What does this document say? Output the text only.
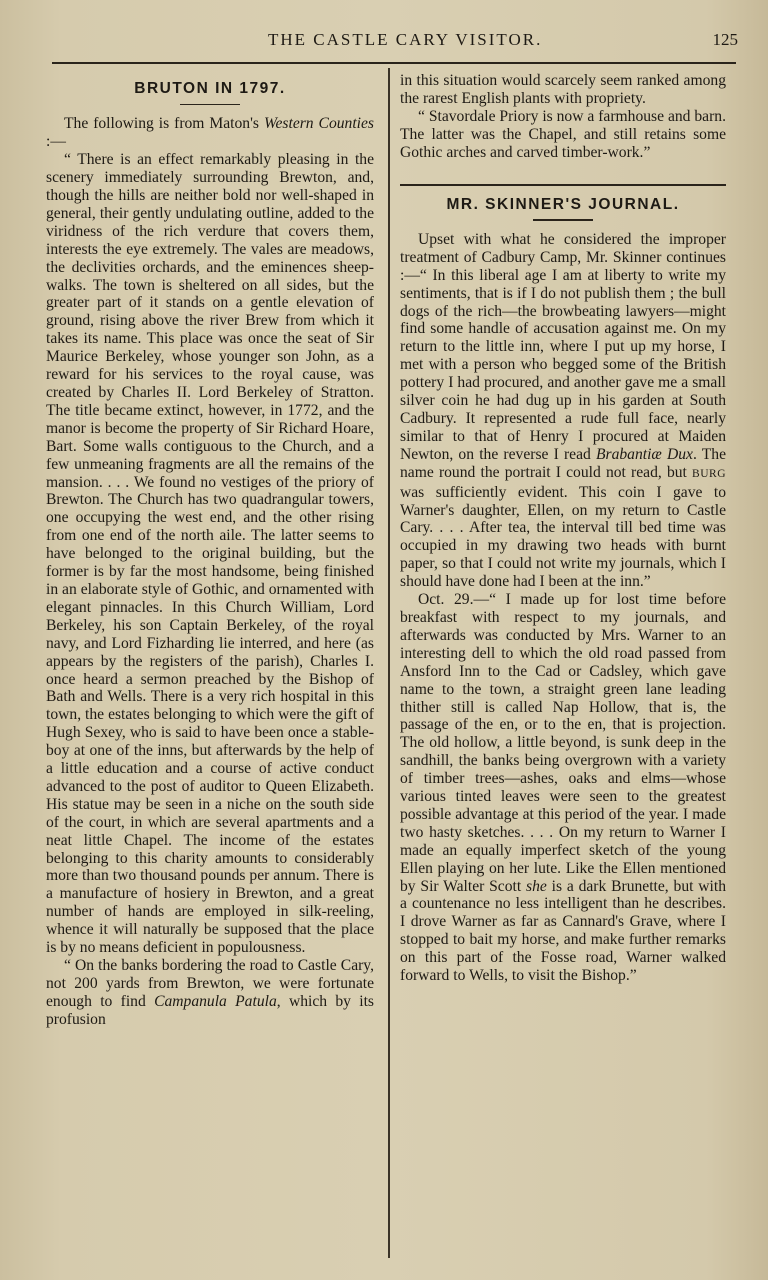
THE CASTLE CARY VISITOR.	125
BRUTON IN 1797.

The following is from Maton's Western Counties :—

“ There is an effect remarkably pleasing in the scenery immediately surrounding Brewton, and, though the hills are neither bold nor well-shaped in general, their gently undulating outline, added to the viridness of the rich verdure that covers them, interests the eye extremely. The vales are meadows, the declivities orchards, and the eminences sheep-walks. The town is sheltered on all sides, but the greater part of it stands on a gentle elevation of ground, rising above the river Brew from which it takes its name. This place was once the seat of Sir Maurice Berkeley, whose younger son John, as a reward for his services to the royal cause, was created by Charles II. Lord Berkeley of Stratton. The title became extinct, however, in 1772, and the manor is become the property of Sir Richard Hoare, Bart. Some walls contiguous to the Church, and a few unmeaning fragments are all the remains of the mansion. . . . We found no vestiges of the priory of Brewton. The Church has two quadrangular towers, one occupying the west end, and the other rising from one end of the north aile. The latter seems to have belonged to the original building, but the former is by far the most handsome, being finished in an elaborate style of Gothic, and ornamented with elegant pinnacles. In this Church William, Lord Berkeley, his son Captain Berkeley, of the royal navy, and Lord Fizharding lie interred, and here (as appears by the registers of the parish), Charles I. once heard a sermon preached by the Bishop of Bath and Wells. There is a very rich hospital in this town, the estates belonging to which were the gift of Hugh Sexey, who is said to have been once a stable-boy at one of the inns, but afterwards by the help of a little education and a course of active conduct advanced to the post of auditor to Queen Elizabeth. His statue may be seen in a niche on the south side of the court, in which are several apartments and a neat little Chapel. The income of the estates belonging to this charity amounts to considerably more than two thousand pounds per annum. There is a manufacture of hosiery in Brewton, and a great number of hands are employed in silk-reeling, whence it will naturally be supposed that the place is by no means deficient in populousness.

“ On the banks bordering the road to Castle Cary, not 200 yards from Brewton, we were fortunate enough to find Campanula Patula, which by its profusion

in this situation would scarcely seem ranked among the rarest English plants with propriety.

“ Stavordale Priory is now a farmhouse and barn. The latter was the Chapel, and still retains some Gothic arches and carved timber-work.”

MR. SKINNER'S JOURNAL.

Upset with what he considered the improper treatment of Cadbury Camp, Mr. Skinner continues :—“ In this liberal age I am at liberty to write my sentiments, that is if I do not publish them ; the bull dogs of the rich—the browbeating lawyers—might find some handle of accusation against me. On my return to the little inn, where I put up my horse, I met with a person who begged some of the British pottery I had procured, and another gave me a small silver coin he had dug up in his garden at South Cadbury. It represented a rude full face, nearly similar to that of Henry I procured at Maiden Newton, on the reverse I read Brabantiæ Dux. The name round the portrait I could not read, but BURG was sufficiently evident. This coin I gave to Warner's daughter, Ellen, on my return to Castle Cary. . . . After tea, the interval till bed time was occupied in my drawing two heads with burnt paper, so that I could not write my journals, which I should have done had I been at the inn.”

Oct. 29.—“ I made up for lost time before breakfast with respect to my journals, and afterwards was conducted by Mrs. Warner to an interesting dell to which the old road passed from Ansford Inn to the Cad or Cadsley, which gave name to the town, a straight green lane leading thither still is called Nap Hollow, that is, the passage of the en, or to the en, that is projection. The old hollow, a little beyond, is sunk deep in the sandhill, the banks being overgrown with a variety of timber trees—ashes, oaks and elms—whose various tinted leaves were seen to the greatest possible advantage at this period of the year. I made two hasty sketches. . . . On my return to Warner I made an equally imperfect sketch of the young Ellen playing on her lute. Like the Ellen mentioned by Sir Walter Scott she is a dark Brunette, but with a countenance no less intelligent than he describes. I drove Warner as far as Cannard's Grave, where I stopped to bait my horse, and make further remarks on this part of the Fosse road, Warner walked forward to Wells, to visit the Bishop.”
